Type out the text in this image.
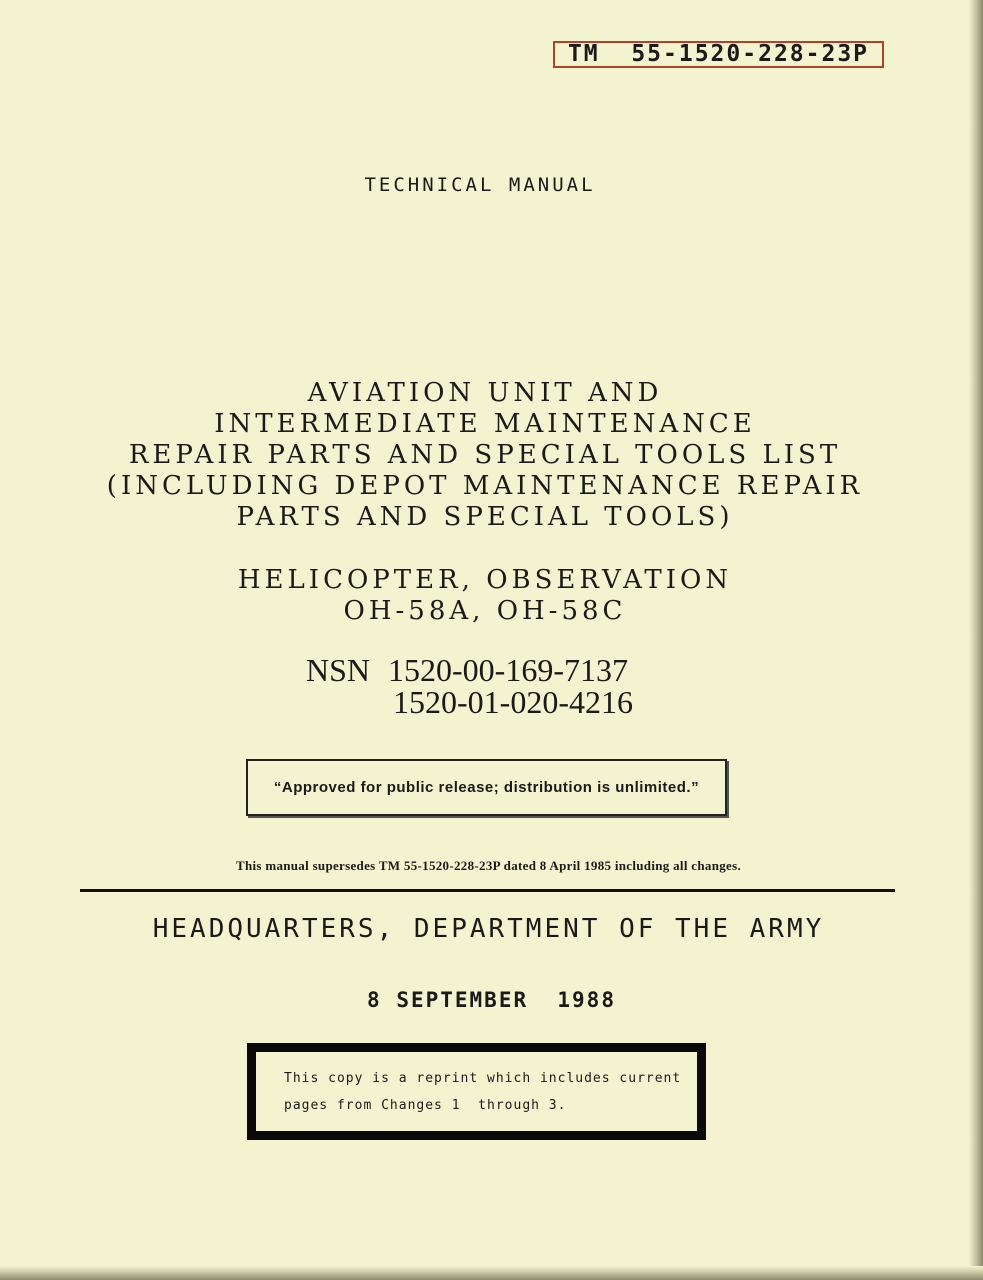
TM  55-1520-228-23P
TECHNICAL MANUAL
AVIATION UNIT AND
INTERMEDIATE MAINTENANCE
REPAIR PARTS AND SPECIAL TOOLS LIST
(INCLUDING DEPOT MAINTENANCE REPAIR
PARTS AND SPECIAL TOOLS)
HELICOPTER, OBSERVATION
OH-58A, OH-58C
NSN 1520-00-169-7137
1520-01-020-4216
“Approved for public release; distribution is unlimited.”
This manual supersedes TM 55-1520-228-23P dated 8 April 1985 including all changes.
HEADQUARTERS, DEPARTMENT OF THE ARMY
8 SEPTEMBER  1988
This copy is a reprint which includes current
pages from Changes 1  through 3.
